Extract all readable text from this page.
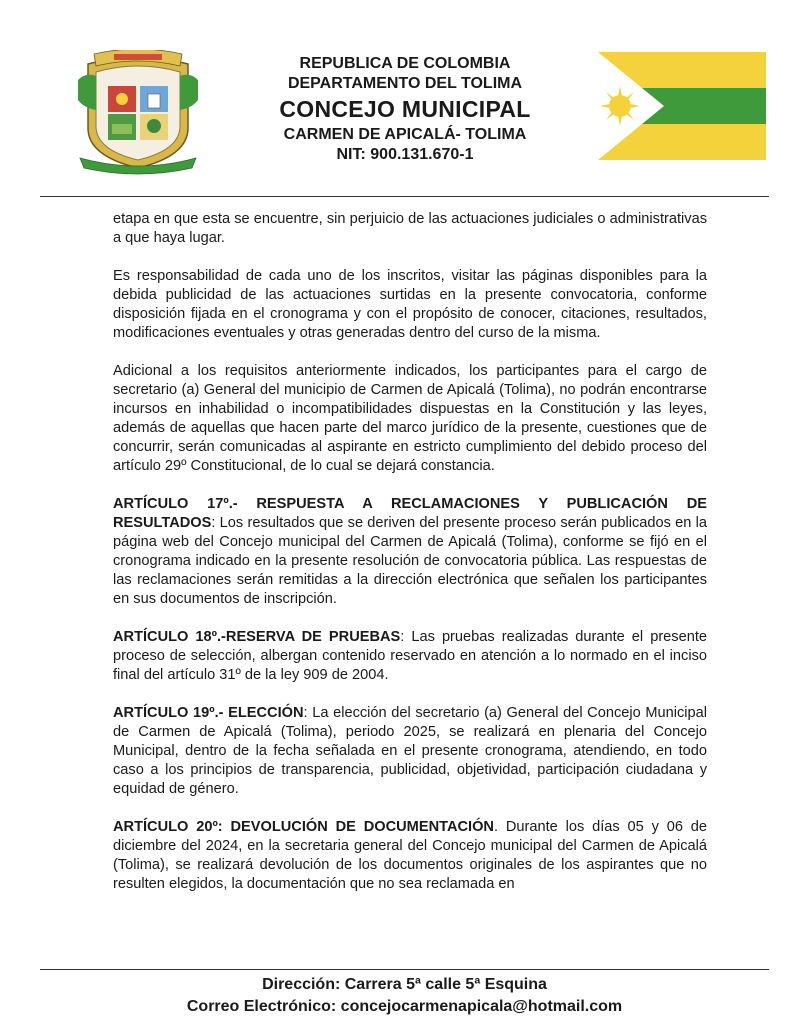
REPUBLICA DE COLOMBIA
DEPARTAMENTO DEL TOLIMA
CONCEJO MUNICIPAL
CARMEN DE APICALÁ- TOLIMA
NIT: 900.131.670-1

etapa en que esta se encuentre, sin perjuicio de las actuaciones judiciales o administrativas a que haya lugar.

Es responsabilidad de cada uno de los inscritos, visitar las páginas disponibles para la debida publicidad de las actuaciones surtidas en la presente convocatoria, conforme disposición fijada en el cronograma y con el propósito de conocer, citaciones, resultados, modificaciones eventuales y otras generadas dentro del curso de la misma.

Adicional a los requisitos anteriormente indicados, los participantes para el cargo de secretario (a) General del municipio de Carmen de Apicalá (Tolima), no podrán encontrarse incursos en inhabilidad o incompatibilidades dispuestas en la Constitución y las leyes, además de aquellas que hacen parte del marco jurídico de la presente, cuestiones que de concurrir, serán comunicadas al aspirante en estricto cumplimiento del debido proceso del artículo 29º Constitucional, de lo cual se dejará constancia.

ARTÍCULO 17º.- RESPUESTA A RECLAMACIONES Y PUBLICACIÓN DE RESULTADOS: Los resultados que se deriven del presente proceso serán publicados en la página web del Concejo municipal del Carmen de Apicalá (Tolima), conforme se fijó en el cronograma indicado en la presente resolución de convocatoria pública. Las respuestas de las reclamaciones serán remitidas a la dirección electrónica que señalen los participantes en sus documentos de inscripción.

ARTÍCULO 18º.-RESERVA DE PRUEBAS: Las pruebas realizadas durante el presente proceso de selección, albergan contenido reservado en atención a lo normado en el inciso final del artículo 31º de la ley 909 de 2004.

ARTÍCULO 19º.- ELECCIÓN: La elección del secretario (a) General del Concejo Municipal de Carmen de Apicalá (Tolima), periodo 2025, se realizará en plenaria del Concejo Municipal, dentro de la fecha señalada en el presente cronograma, atendiendo, en todo caso a los principios de transparencia, publicidad, objetividad, participación ciudadana y equidad de género.

ARTÍCULO 20º: DEVOLUCIÓN DE DOCUMENTACIÓN. Durante los días 05 y 06 de diciembre del 2024, en la secretaria general del Concejo municipal del Carmen de Apicalá (Tolima), se realizará devolución de los documentos originales de los aspirantes que no resulten elegidos, la documentación que no sea reclamada en

Dirección: Carrera 5ª calle 5ª Esquina
Correo Electrónico: concejocarmenapicala@hotmail.com
